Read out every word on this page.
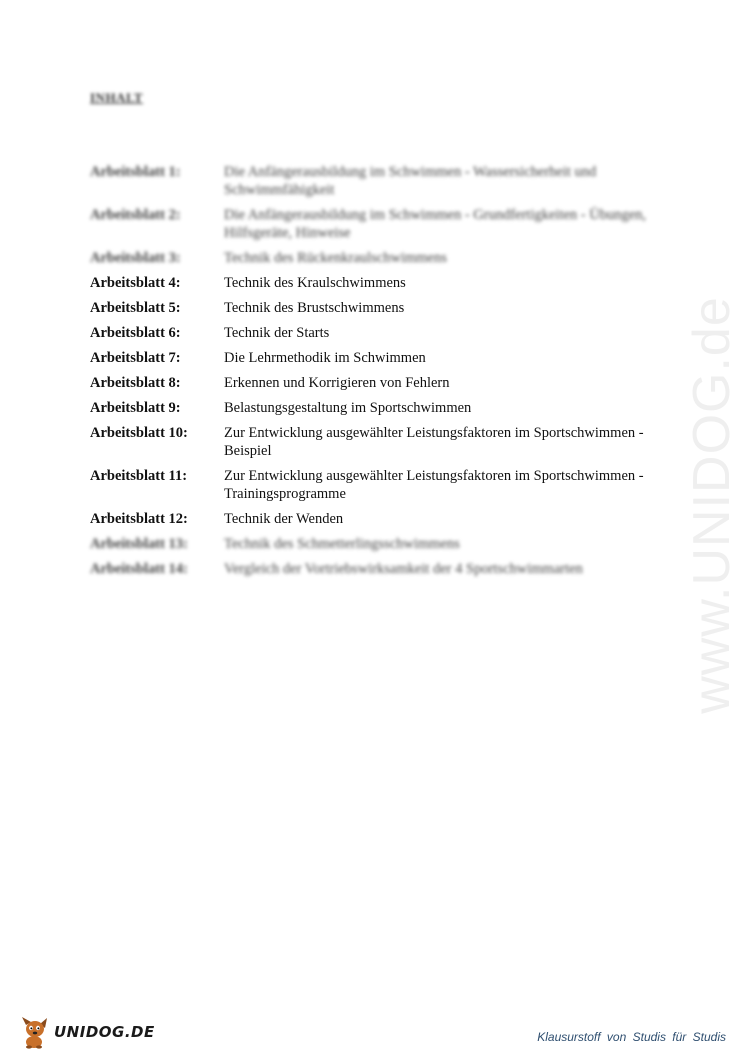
INHALT
Arbeitsblatt 1:	Die Anfängerausbildung im Schwimmen - Wassersicherheit und Schwimmfähigkeit
Arbeitsblatt 2:	Die Anfängerausbildung im Schwimmen - Grundfertigkeiten - Übungen, Hilfsgeräte, Hinweise
Arbeitsblatt 3:	Technik des Rückenkraulschwimmens
Arbeitsblatt 4:	Technik des Kraulschwimmens
Arbeitsblatt 5:	Technik des Brustschwimmens
Arbeitsblatt 6:	Technik der Starts
Arbeitsblatt 7:	Die Lehrmethodik im Schwimmen
Arbeitsblatt 8:	Erkennen und Korrigieren von Fehlern
Arbeitsblatt 9:	Belastungsgestaltung im Sportschwimmen
Arbeitsblatt 10:	Zur Entwicklung ausgewählter Leistungsfaktoren im Sportschwimmen - Beispiel
Arbeitsblatt 11:	Zur Entwicklung ausgewählter Leistungsfaktoren im Sportschwimmen - Trainingsprogramme
Arbeitsblatt 12:	Technik der Wenden
Arbeitsblatt 13:	Technik des Schmetterlingsschwimmens
Arbeitsblatt 14:	Vergleich der Vortriebswirksamkeit der 4 Sportschwimmarten	www.UNIDOG.de
UNIDOG.DE	Klausurstoff von Studis für Studis
